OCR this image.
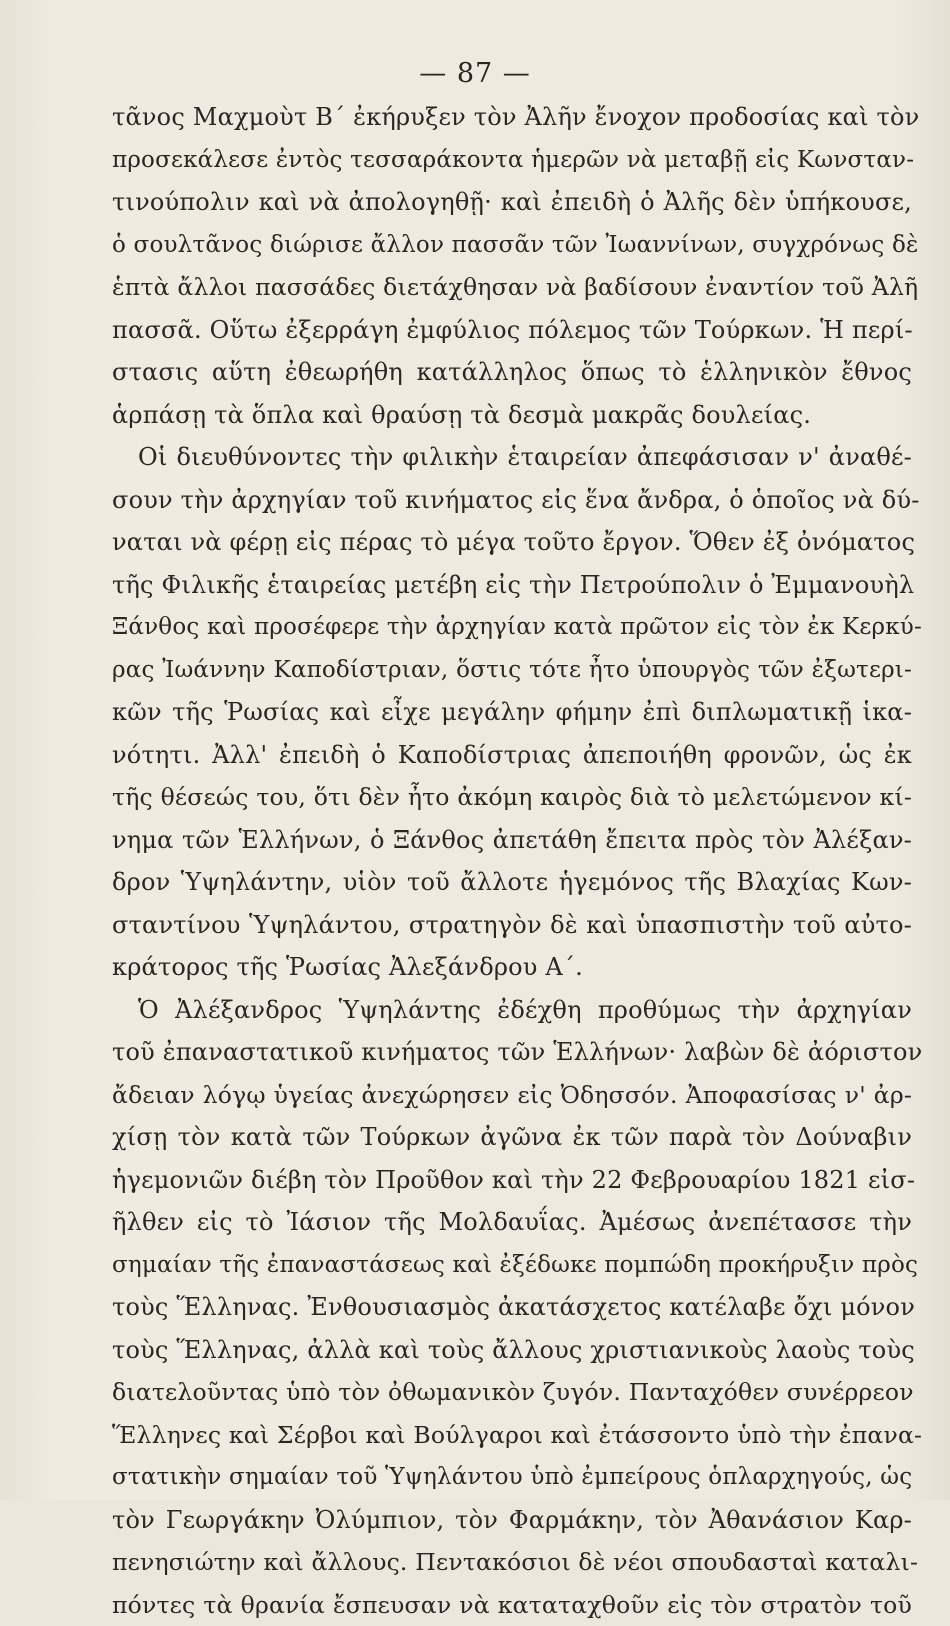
— 87 —
τᾶνος Μαχμοὺτ Β΄ ἐκήρυξεν τὸν Ἀλῆν ἔνοχον προδοσίας καὶ τὸν
προσεκάλεσε ἐντὸς τεσσαράκοντα ἡμερῶν νὰ μεταβῇ εἰς Κωνσταν-
τινούπολιν καὶ νὰ ἀπολογηθῇ· καὶ ἐπειδὴ ὁ Ἀλῆς δὲν ὑπήκουσε,
ὁ σουλτᾶνος διώρισε ἄλλον πασσᾶν τῶν Ἰωαννίνων, συγχρόνως δὲ
ἑπτὰ ἄλλοι πασσάδες διετάχθησαν νὰ βαδίσουν ἐναντίον τοῦ Ἀλῆ
πασσᾶ. Οὕτω ἐξερράγη ἐμφύλιος πόλεμος τῶν Τούρκων. Ἡ περί-
στασις αὕτη ἐθεωρήθη κατάλληλος ὅπως τὸ ἑλληνικὸν ἔθνος
ἁρπάσῃ τὰ ὅπλα καὶ θραύσῃ τὰ δεσμὰ μακρᾶς δουλείας.
Οἱ διευθύνοντες τὴν φιλικὴν ἑταιρείαν ἀπεφάσισαν ν' ἀναθέ-
σουν τὴν ἀρχηγίαν τοῦ κινήματος εἰς ἕνα ἄνδρα, ὁ ὁποῖος νὰ δύ-
ναται νὰ φέρῃ εἰς πέρας τὸ μέγα τοῦτο ἔργον. Ὅθεν ἐξ ὀνόματος
τῆς Φιλικῆς ἑταιρείας μετέβη εἰς τὴν Πετρούπολιν ὁ Ἐμμανουὴλ
Ξάνθος καὶ προσέφερε τὴν ἀρχηγίαν κατὰ πρῶτον εἰς τὸν ἐκ Κερκύ-
ρας Ἰωάννην Καποδίστριαν, ὅστις τότε ἦτο ὑπουργὸς τῶν ἐξωτερι-
κῶν τῆς Ῥωσίας καὶ εἶχε μεγάλην φήμην ἐπὶ διπλωματικῇ ἱκα-
νότητι. Ἀλλ' ἐπειδὴ ὁ Καποδίστριας ἀπεποιήθη φρονῶν, ὡς ἐκ
τῆς θέσεώς του, ὅτι δὲν ἦτο ἀκόμη καιρὸς διὰ τὸ μελετώμενον κί-
νημα τῶν Ἑλλήνων, ὁ Ξάνθος ἀπετάθη ἔπειτα πρὸς τὸν Ἀλέξαν-
δρον Ὑψηλάντην, υἱὸν τοῦ ἄλλοτε ἡγεμόνος τῆς Βλαχίας Κων-
σταντίνου Ὑψηλάντου, στρατηγὸν δὲ καὶ ὑπασπιστὴν τοῦ αὐτο-
κράτορος τῆς Ῥωσίας Ἀλεξάνδρου Α΄.
Ὁ Ἀλέξανδρος Ὑψηλάντης ἐδέχθη προθύμως τὴν ἀρχηγίαν
τοῦ ἐπαναστατικοῦ κινήματος τῶν Ἑλλήνων· λαβὼν δὲ ἀόριστον
ἄδειαν λόγῳ ὑγείας ἀνεχώρησεν εἰς Ὀδησσόν. Ἀποφασίσας ν' ἀρ-
χίσῃ τὸν κατὰ τῶν Τούρκων ἀγῶνα ἐκ τῶν παρὰ τὸν Δούναβιν
ἡγεμονιῶν διέβη τὸν Προῦθον καὶ τὴν 22 Φεβρουαρίου 1821 εἰσ-
ῆλθεν εἰς τὸ Ἰάσιον τῆς Μολδαυΐας. Ἀμέσως ἀνεπέτασσε τὴν
σημαίαν τῆς ἐπαναστάσεως καὶ ἐξέδωκε πομπώδη προκήρυξιν πρὸς
τοὺς Ἕλληνας. Ἐνθουσιασμὸς ἀκατάσχετος κατέλαβε ὄχι μόνον
τοὺς Ἕλληνας, ἀλλὰ καὶ τοὺς ἄλλους χριστιανικοὺς λαοὺς τοὺς
διατελοῦντας ὑπὸ τὸν ὀθωμανικὸν ζυγόν. Πανταχόθεν συνέρρεον
Ἕλληνες καὶ Σέρβοι καὶ Βούλγαροι καὶ ἐτάσσοντο ὑπὸ τὴν ἐπανα-
στατικὴν σημαίαν τοῦ Ὑψηλάντου ὑπὸ ἐμπείρους ὁπλαρχηγούς, ὡς
τὸν Γεωργάκην Ὀλύμπιον, τὸν Φαρμάκην, τὸν Ἀθανάσιον Καρ-
πενησιώτην καὶ ἄλλους. Πεντακόσιοι δὲ νέοι σπουδασταὶ καταλι-
πόντες τὰ θρανία ἔσπευσαν νὰ καταταχθοῦν εἰς τὸν στρατὸν τοῦ
